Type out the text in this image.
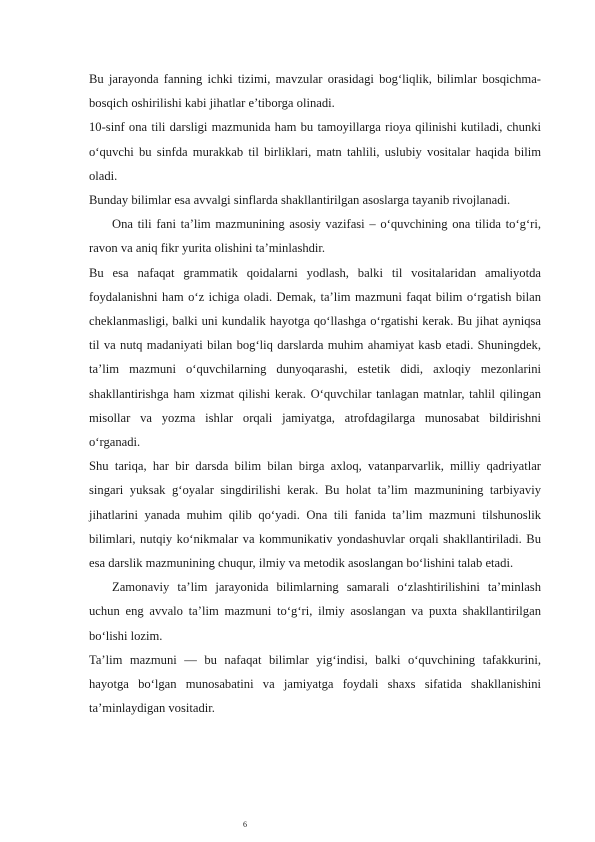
Bu jarayonda fanning ichki tizimi, mavzular orasidagi bog‘liqlik, bilimlar bosqichma-bosqich oshirilishi kabi jihatlar e’tiborga olinadi.

10-sinf ona tili darsligi mazmunida ham bu tamoyillarga rioya qilinishi kutiladi, chunki o‘quvchi bu sinfda murakkab til birliklari, matn tahlili, uslubiy vositalar haqida bilim oladi.

Bunday bilimlar esa avvalgi sinflarda shakllantirilgan asoslarga tayanib rivojlanadi.

Ona tili fani ta’lim mazmunining asosiy vazifasi – o‘quvchining ona tilida to‘g‘ri, ravon va aniq fikr yurita olishini ta’minlashdir.

Bu esa nafaqat grammatik qoidalarni yodlash, balki til vositalaridan amaliyotda foydalanishni ham o‘z ichiga oladi. Demak, ta’lim mazmuni faqat bilim o‘rgatish bilan cheklanmasligi, balki uni kundalik hayotga qo‘llashga o‘rgatishi kerak. Bu jihat ayniqsa til va nutq madaniyati bilan bog‘liq darslarda muhim ahamiyat kasb etadi. Shuningdek, ta’lim mazmuni o‘quvchilarning dunyoqarashi, estetik didi, axloqiy mezonlarini shakllantirishga ham xizmat qilishi kerak. O‘quvchilar tanlagan matnlar, tahlil qilingan misollar va yozma ishlar orqali jamiyatga, atrofdagilarga munosabat bildirishni o‘rganadi.

Shu tariqa, har bir darsda bilim bilan birga axloq, vatanparvarlik, milliy qadriyatlar singari yuksak g‘oyalar singdirilishi kerak. Bu holat ta’lim mazmunining tarbiyaviy jihatlarini yanada muhim qilib qo‘yadi. Ona tili fanida ta’lim mazmuni tilshunoslik bilimlari, nutqiy ko‘nikmalar va kommunikativ yondashuvlar orqali shakllantiriladi. Bu esa darslik mazmunining chuqur, ilmiy va metodik asoslangan bo‘lishini talab etadi.

Zamonaviy ta’lim jarayonida bilimlarning samarali o‘zlashtirilishini ta’minlash uchun eng avvalo ta’lim mazmuni to‘g‘ri, ilmiy asoslangan va puxta shakllantirilgan bo‘lishi lozim.

Ta’lim mazmuni — bu nafaqat bilimlar yig‘indisi, balki o‘quvchining tafakkurini, hayotga bo‘lgan munosabatini va jamiyatga foydali shaxs sifatida shakllanishini ta’minlaydigan vositadir.

6
